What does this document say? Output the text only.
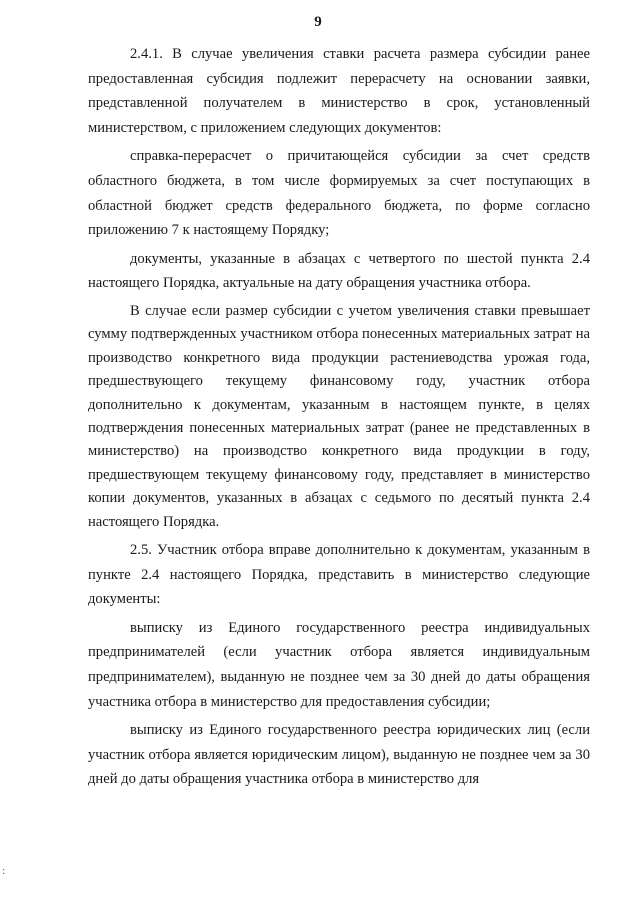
9

2.4.1. В случае увеличения ставки расчета размера субсидии ранее предоставленная субсидия подлежит перерасчету на основании заявки, представленной получателем в министерство в срок, установленный министерством, с приложением следующих документов:

справка-перерасчет о причитающейся субсидии за счет средств областного бюджета, в том числе формируемых за счет поступающих в областной бюджет средств федерального бюджета, по форме согласно приложению 7 к настоящему Порядку;

документы, указанные в абзацах с четвертого по шестой пункта 2.4 настоящего Порядка, актуальные на дату обращения участника отбора.

В случае если размер субсидии с учетом увеличения ставки превышает сумму подтвержденных участником отбора понесенных материальных затрат на производство конкретного вида продукции растениеводства урожая года, предшествующего текущему финансовому году, участник отбора дополнительно к документам, указанным в настоящем пункте, в целях подтверждения понесенных материальных затрат (ранее не представленных в министерство) на производство конкретного вида продукции в году, предшествующем текущему финансовому году, представляет в министерство копии документов, указанных в абзацах с седьмого по десятый пункта 2.4 настоящего Порядка.

2.5. Участник отбора вправе дополнительно к документам, указанным в пункте 2.4 настоящего Порядка, представить в министерство следующие документы:

выписку из Единого государственного реестра индивидуальных предпринимателей (если участник отбора является индивидуальным предпринимателем), выданную не позднее чем за 30 дней до даты обращения участника отбора в министерство для предоставления субсидии;

выписку из Единого государственного реестра юридических лиц (если участник отбора является юридическим лицом), выданную не позднее чем за 30 дней до даты обращения участника отбора в министерство для

:
